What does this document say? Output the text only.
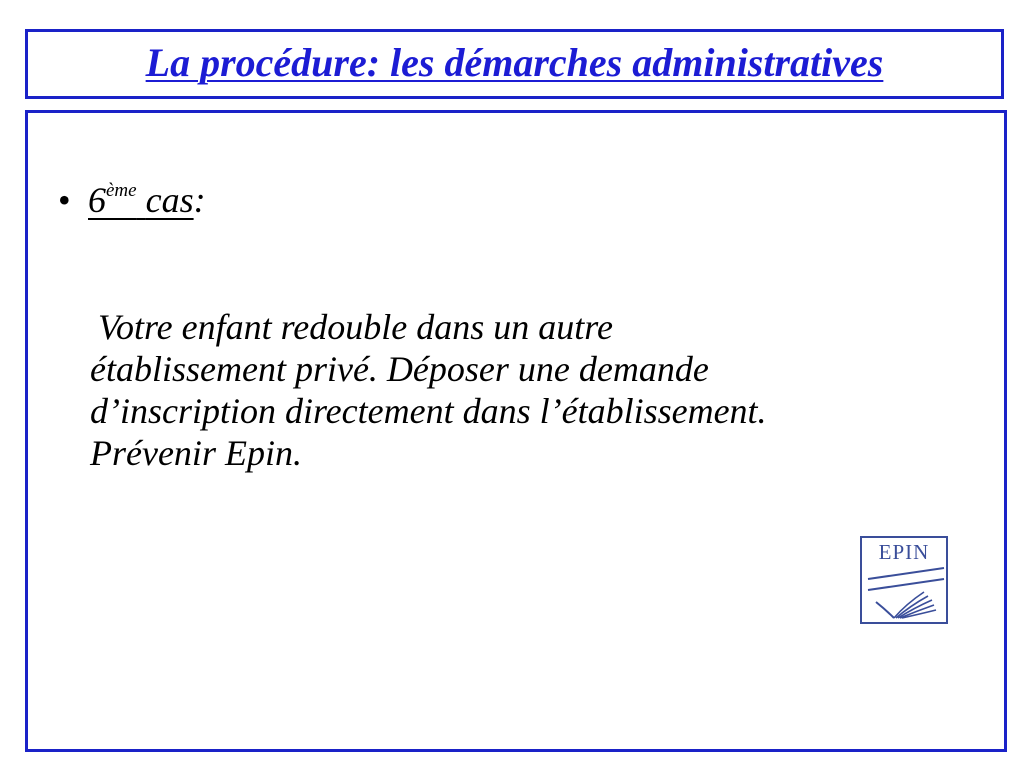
La procédure: les démarches administratives
• 6ème cas:
Votre enfant redouble dans un autre
établissement privé. Déposer une demande
d’inscription directement dans l’établissement.
Prévenir Epin.
EPIN
